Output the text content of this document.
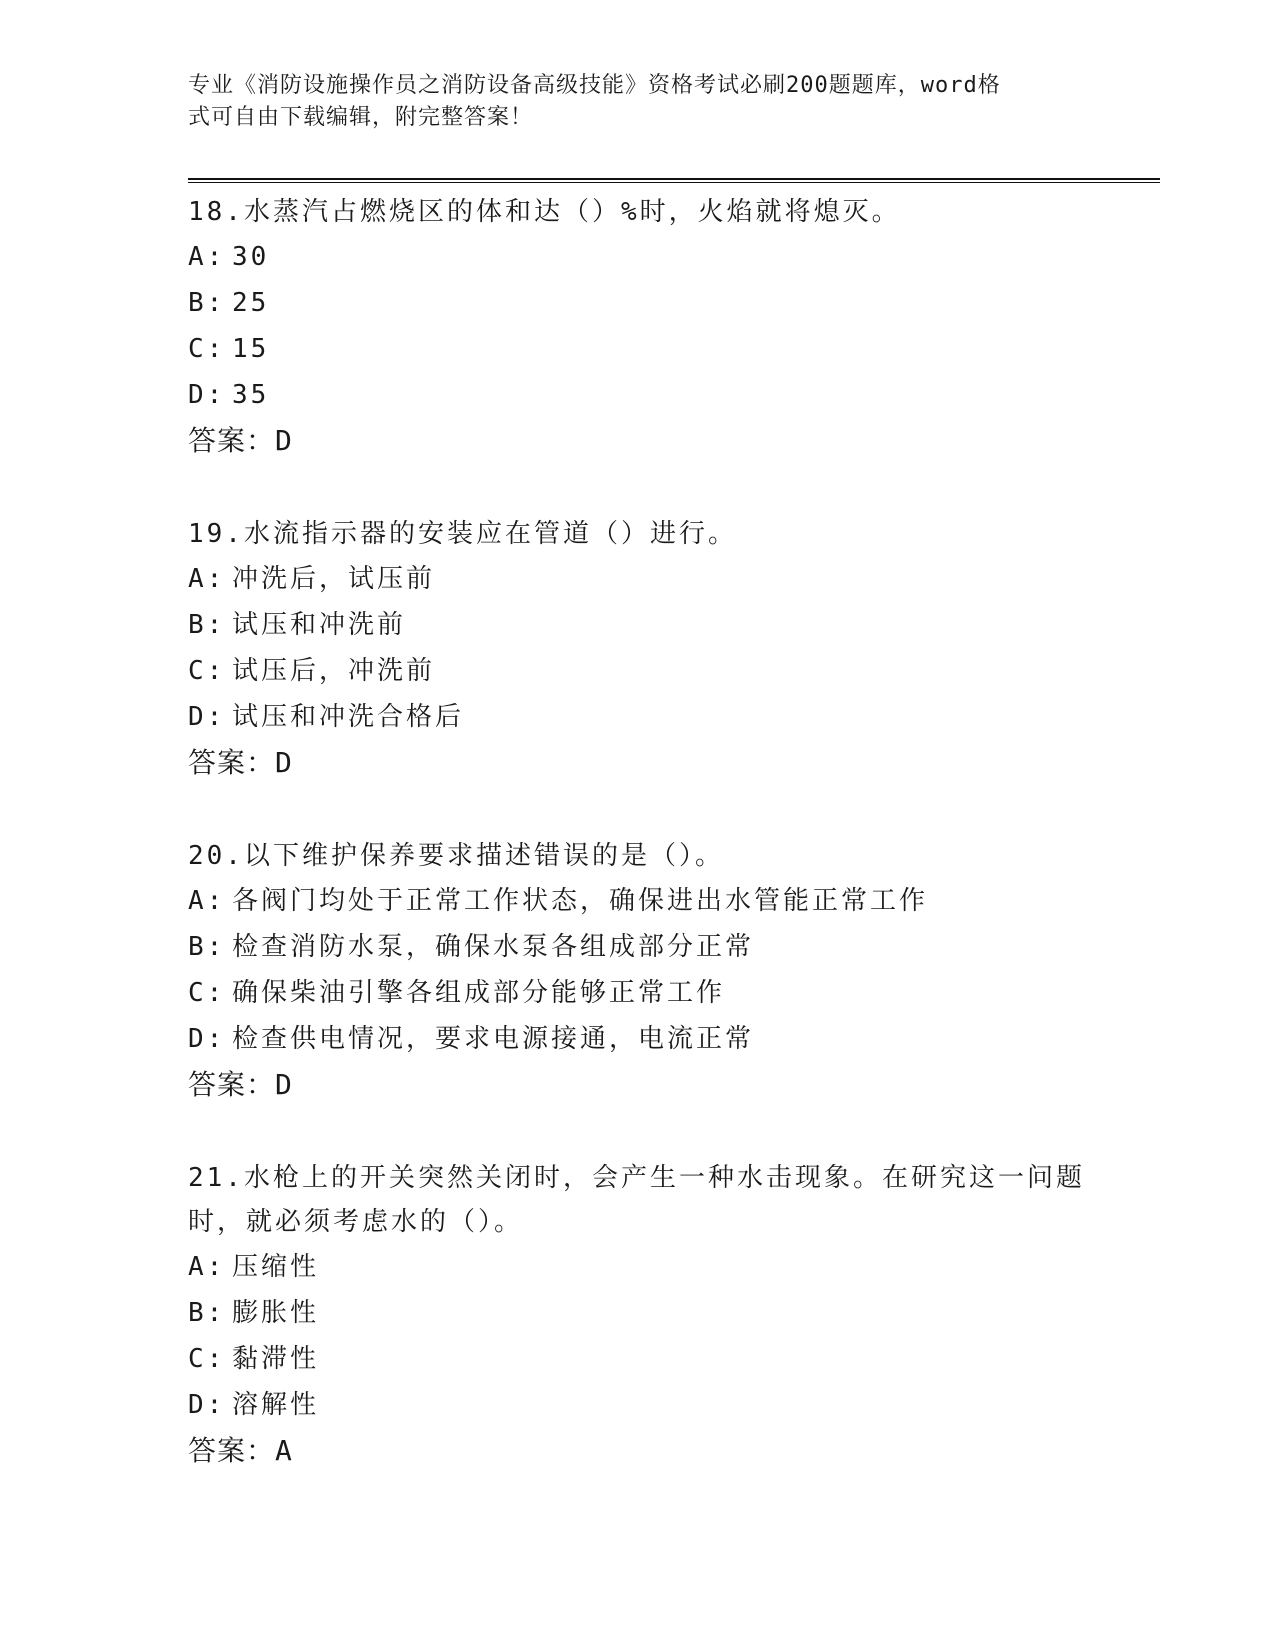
专业《消防设施操作员之消防设备高级技能》资格考试必刷200题题库，word格
式可自由下载编辑，附完整答案！
18.水蒸汽占燃烧区的体和达（）%时，火焰就将熄灭。
A: 30
B: 25
C: 15
D: 35
答案：D
19.水流指示器的安装应在管道（）进行。
A: 冲洗后，试压前
B: 试压和冲洗前
C: 试压后，冲洗前
D: 试压和冲洗合格后
答案：D
20.以下维护保养要求描述错误的是（）。
A: 各阀门均处于正常工作状态，确保进出水管能正常工作
B: 检查消防水泵，确保水泵各组成部分正常
C: 确保柴油引擎各组成部分能够正常工作
D: 检查供电情况，要求电源接通，电流正常
答案：D
21.水枪上的开关突然关闭时，会产生一种水击现象。在研究这一问题时，就必须考虑水的（）。
A: 压缩性
B: 膨胀性
C: 黏滞性
D: 溶解性
答案：A
